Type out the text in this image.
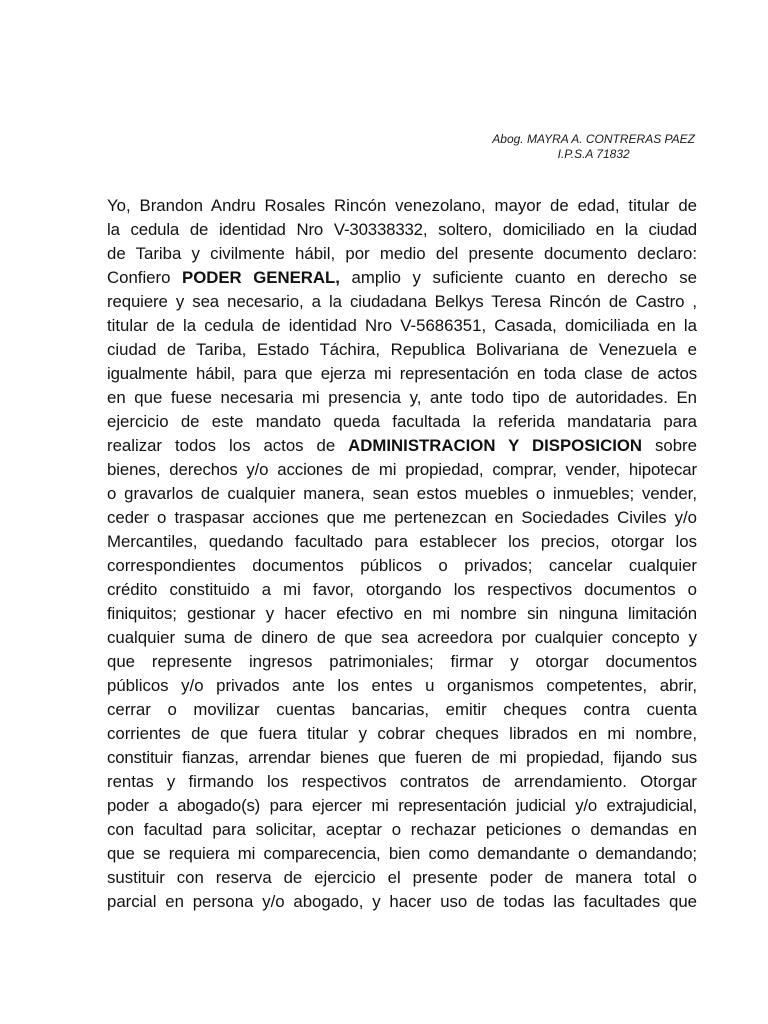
Abog. MAYRA A. CONTRERAS PAEZ
I.P.S.A 71832
Yo, Brandon Andru Rosales Rincón venezolano, mayor de edad, titular de
la cedula de identidad Nro V-30338332, soltero, domiciliado en la ciudad
de Tariba y civilmente hábil, por medio del presente documento declaro:
Confiero PODER GENERAL, amplio y suficiente cuanto en derecho se
requiere y sea necesario, a la ciudadana Belkys Teresa Rincón de Castro ,
titular de la cedula de identidad Nro V-5686351, Casada, domiciliada en la
ciudad de Tariba, Estado Táchira, Republica Bolivariana de Venezuela e
igualmente hábil, para que ejerza mi representación en toda clase de actos
en que fuese necesaria mi presencia y, ante todo tipo de autoridades. En
ejercicio de este mandato queda facultada la referida mandataria para
realizar todos los actos de ADMINISTRACION Y DISPOSICION sobre
bienes, derechos y/o acciones de mi propiedad, comprar, vender, hipotecar
o gravarlos de cualquier manera, sean estos muebles o inmuebles; vender,
ceder o traspasar acciones que me pertenezcan en Sociedades Civiles y/o
Mercantiles, quedando facultado para establecer los precios, otorgar los
correspondientes documentos públicos o privados; cancelar cualquier
crédito constituido a mi favor, otorgando los respectivos documentos o
finiquitos; gestionar y hacer efectivo en mi nombre sin ninguna limitación
cualquier suma de dinero de que sea acreedora por cualquier concepto y
que represente ingresos patrimoniales; firmar y otorgar documentos
públicos y/o privados ante los entes u organismos competentes, abrir,
cerrar o movilizar cuentas bancarias, emitir cheques contra cuenta
corrientes de que fuera titular y cobrar cheques librados en mi nombre,
constituir fianzas, arrendar bienes que fueren de mi propiedad, fijando sus
rentas y firmando los respectivos contratos de arrendamiento. Otorgar
poder a abogado(s) para ejercer mi representación judicial y/o extrajudicial,
con facultad para solicitar, aceptar o rechazar peticiones o demandas en
que se requiera mi comparecencia, bien como demandante o demandando;
sustituir con reserva de ejercicio el presente poder de manera total o
parcial en persona y/o abogado, y hacer uso de todas las facultades que
